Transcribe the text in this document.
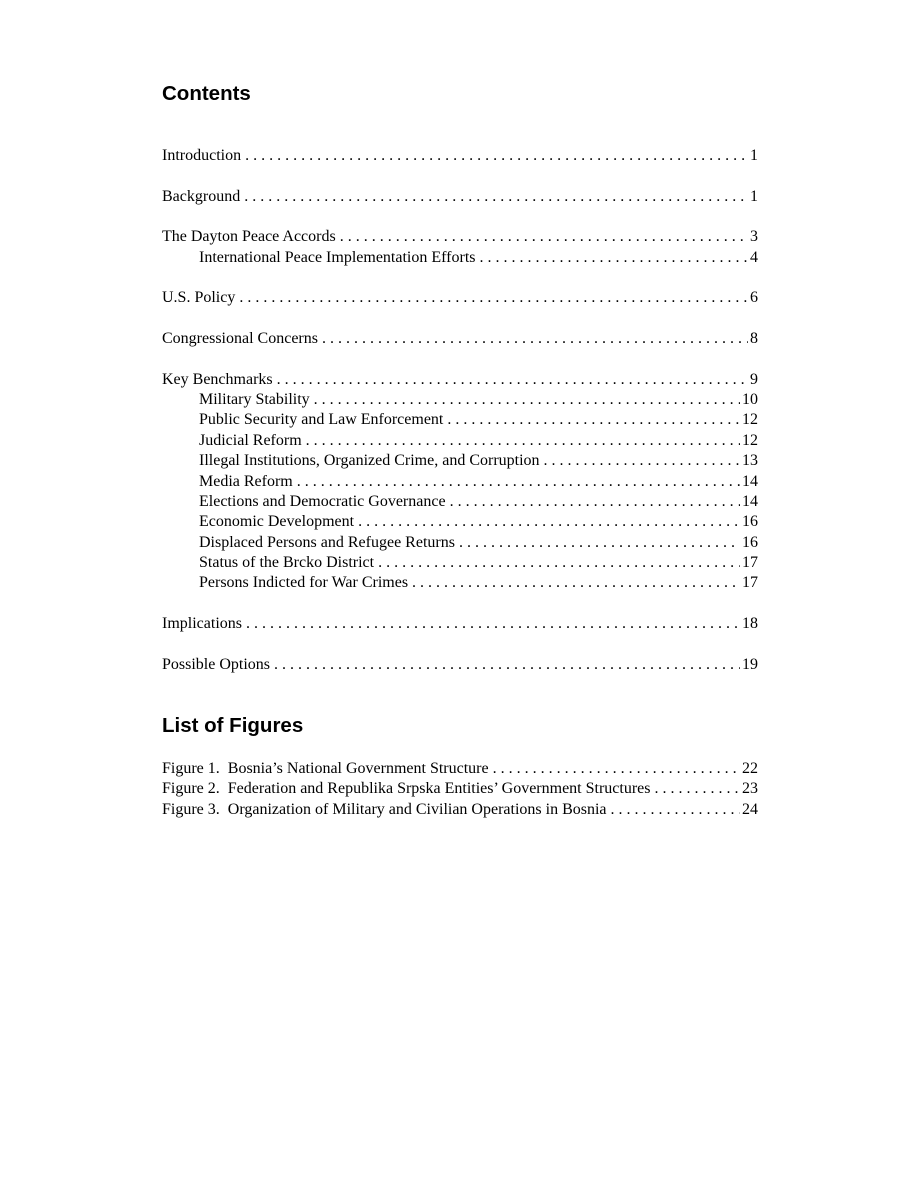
Contents
Introduction . . .	1
Background . . .	1
The Dayton Peace Accords . . .	3
International Peace Implementation Efforts . . .	4
U.S. Policy . . .	6
Congressional Concerns . . .	8
Key Benchmarks . . .	9
Military Stability . . .	10
Public Security and Law Enforcement . . .	12
Judicial Reform . . .	12
Illegal Institutions, Organized Crime, and Corruption . . .	13
Media Reform . . .	14
Elections and Democratic Governance . . .	14
Economic Development . . .	16
Displaced Persons and Refugee Returns . . .	16
Status of the Brcko District . . .	17
Persons Indicted for War Crimes . . .	17
Implications . . .	18
Possible Options . . .	19
List of Figures
Figure 1.  Bosnia’s National Government Structure . . .	22
Figure 2.  Federation and Republika Srpska Entities’ Government Structures . . .	23
Figure 3.  Organization of Military and Civilian Operations in Bosnia . . .	24
